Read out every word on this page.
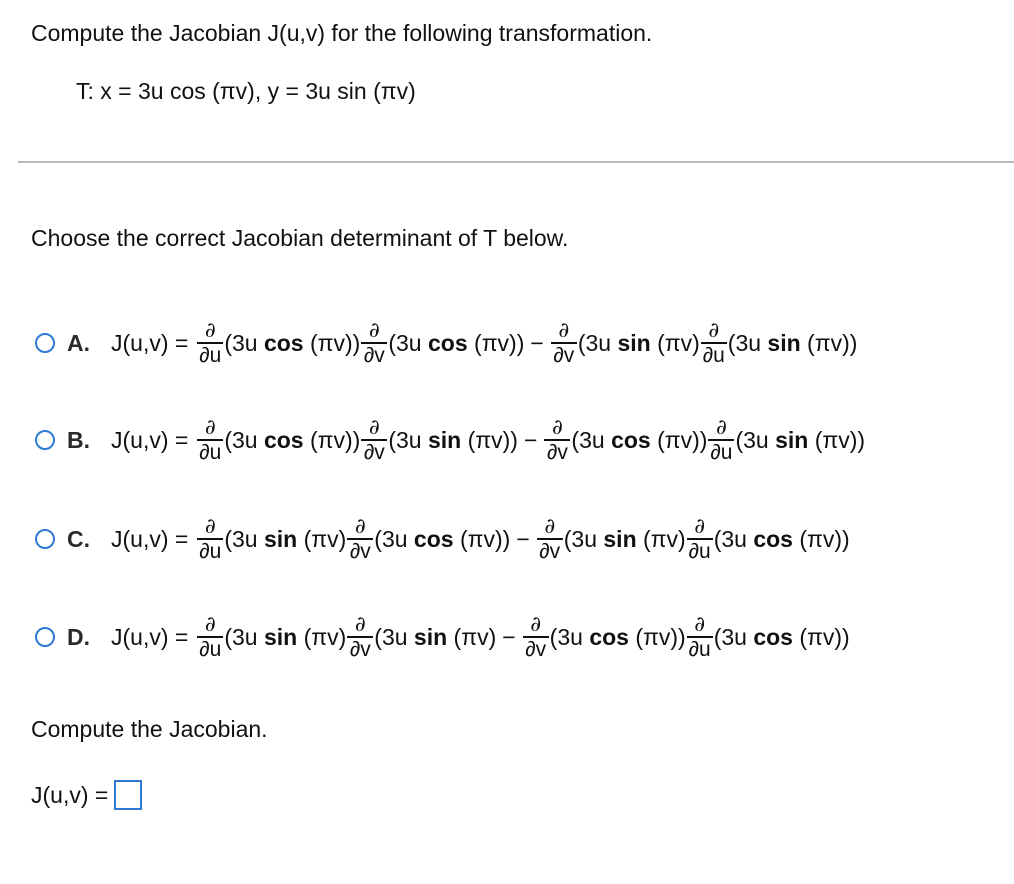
Compute the Jacobian J(u,v) for the following transformation.
T: x = 3u cos (πv), y = 3u sin (πv)
Choose the correct Jacobian determinant of T below.
A. $J(u,v) = \frac{\partial}{\partial u} (3u$ $\cos (\pi v)) \frac{\partial}{\partial v} (3u$ $\cos (\pi v)) - \frac{\partial}{\partial v} (3u$ $\sin (\pi v) \frac{\partial}{\partial u} (3u$ sin (πv))
B. $J(u,v) = \frac{\partial}{\partial u} (3u$ $\cos (\pi v)) \frac{\partial}{\partial v} (3u$ $\sin (\pi v)) - \frac{\partial}{\partial v} (3u$ $\cos (\pi v)) \frac{\partial}{\partial u} (3u$ sin (πv))
C. $J(u,v) = \frac{\partial}{\partial u} (3u$ $\sin (\pi v) \frac{\partial}{\partial v} (3u$ $\cos (\pi v)) - \frac{\partial}{\partial v} (3u$ $\sin (\pi v) \frac{\partial}{\partial u} (3u$ cos (πv))
D. $J(u,v) = \frac{\partial}{\partial u} (3u$ $\sin (\pi v) \frac{\partial}{\partial v} (3u$ $\sin (\pi v) - \frac{\partial}{\partial v} (3u$ $\cos (\pi v)) \frac{\partial}{\partial u} (3u$ cos (πv))
Compute the Jacobian.
J(u,v) =
